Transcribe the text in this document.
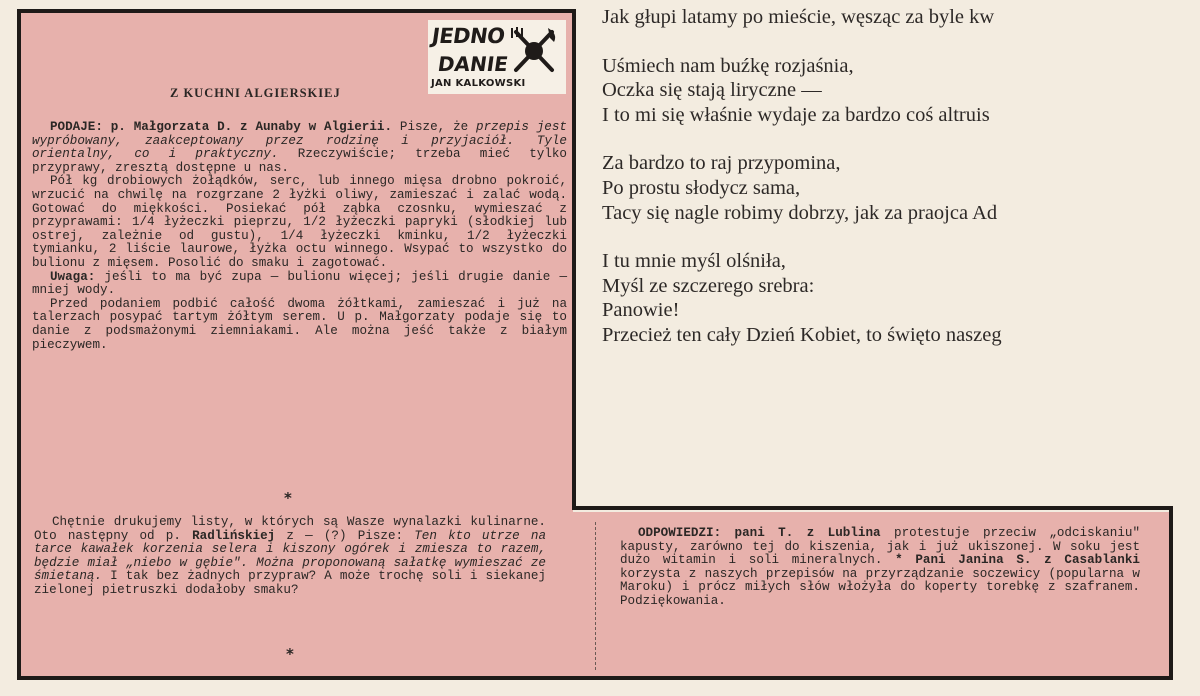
JEDNO
DANIE
JAN KALKOWSKI
Z KUCHNI ALGIERSKIEJ

PODAJE: p. Małgorzata D. z Aunaby w Algierii. Pisze, że przepis jest wypróbowany, zaakceptowany przez rodzinę i przyjaciół. Tyle orientalny, co i praktyczny. Rzeczywiście; trzeba mieć tylko przyprawy, zresztą dostępne u nas.

Pół kg drobiowych żołądków, serc, lub innego mięsa drobno pokroić, wrzucić na chwilę na rozgrzane 2 łyżki oliwy, zamieszać i zalać wodą. Gotować do miękkości. Posiekać pół ząbka czosnku, wymieszać z przyprawami: 1/4 łyżeczki pieprzu, 1/2 łyżeczki papryki (słodkiej lub ostrej, zależnie od gustu), 1/4 łyżeczki kminku, 1/2 łyżeczki tymianku, 2 liście laurowe, łyżka octu winnego. Wsypać to wszystko do bulionu z mięsem. Posolić do smaku i zagotować.

Uwaga: jeśli to ma być zupa — bulionu więcej; jeśli drugie danie — mniej wody.

Przed podaniem podbić całość dwoma żółtkami, zamieszać i już na talerzach posypać tartym żółtym serem. U p. Małgorzaty podaje się to danie z podsmażonymi ziemniakami. Ale można jeść także z białym pieczywem.

*

Chętnie drukujemy listy, w których są Wasze wynalazki kulinarne. Oto następny od p. Radlińskiej z — (?) Pisze: Ten kto utrze na tarce kawałek korzenia selera i kiszony ogórek i zmiesza to razem, będzie miał „niebo w gębie". Można proponowaną sałatkę wymieszać ze śmietaną. I tak bez żadnych przypraw? A może trochę soli i siekanej zielonej pietruszki dodałoby smaku?

*

ODPOWIEDZI: pani T. z Lublina protestuje przeciw „odciskaniu" kapusty, zarówno tej do kiszenia, jak i już ukiszonej. W soku jest dużo witamin i soli mineralnych. * Pani Janina S. z Casablanki korzysta z naszych przepisów na przyrządzanie soczewicy (popularna w Maroku) i prócz miłych słów włożyła do koperty torebkę z szafranem. Podziękowania.

Jak głupi latamy po mieście, węsząc za byle kw
Uśmiech nam buźkę rozjaśnia,
Oczka się stają liryczne —
I to mi się właśnie wydaje za bardzo coś altruis
Za bardzo to raj przypomina,
Po prostu słodycz sama,
Tacy się nagle robimy dobrzy, jak za praojca Ad
I tu mnie myśl olśniła,
Myśl ze szczerego srebra:
Panowie!
Przecież ten cały Dzień Kobiet, to święto naszeg
